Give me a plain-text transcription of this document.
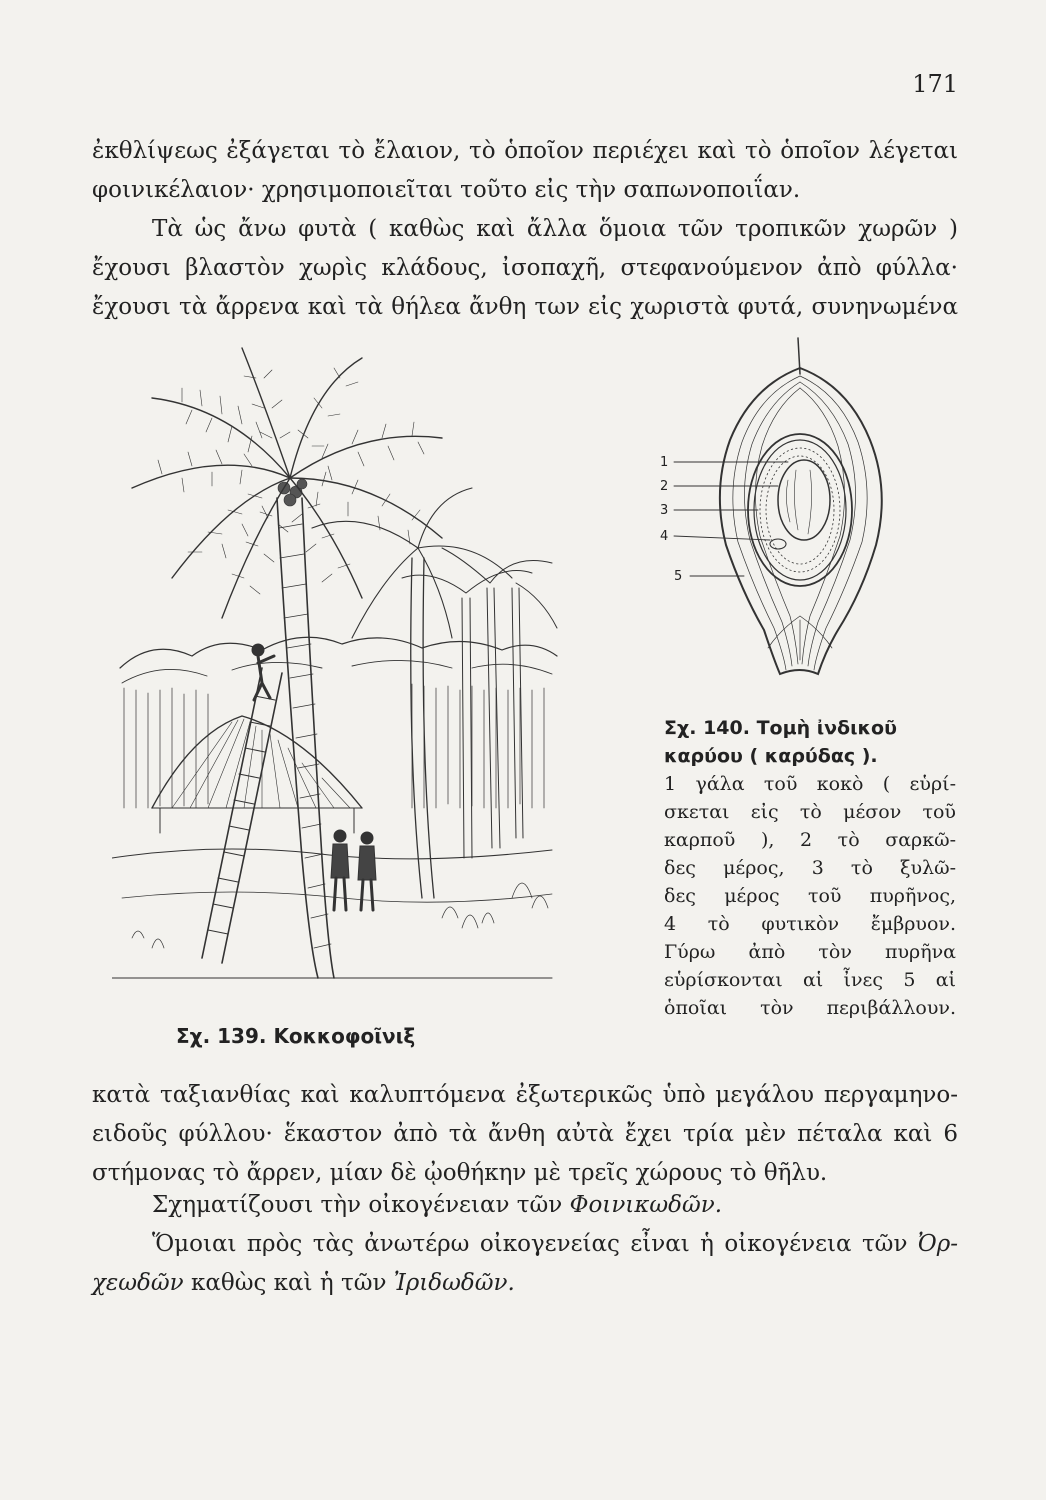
171
ἐκθλίψεως ἐξάγεται τὸ ἔλαιον, τὸ ὁποῖον περιέχει καὶ τὸ ὁποῖον λέγεται
φοινικέλαιον· χρησιμοποιεῖται τοῦτο εἰς τὴν σαπωνοποιΐαν.
Τὰ ὡς ἄνω φυτὰ ( καθὼς καὶ ἄλλα ὅμοια τῶν τροπικῶν χωρῶν )
ἔχουσι βλαστὸν χωρὶς κλάδους, ἰσοπαχῆ, στεφανούμενον ἀπὸ φύλλα·
ἔχουσι τὰ ἄρρενα καὶ τὰ θήλεα ἄνθη των εἰς χωριστὰ φυτά, συνηνωμένα
Σχ. 139. Κοκκοφοῖνιξ
1
2
3
4
5
Σχ. 140. Τομὴ ἰνδικοῦ
καρύου ( καρύδας ).
1 γάλα τοῦ κοκὸ ( εὑρί-
σκεται εἰς τὸ μέσον τοῦ
καρποῦ ), 2 τὸ σαρκῶ-
δες μέρος, 3 τὸ ξυλῶ-
δες μέρος τοῦ πυρῆνος,
4 τὸ φυτικὸν ἔμβρυον.
Γύρω ἀπὸ τὸν πυρῆνα
εὑρίσκονται αἱ ἶνες 5 αἱ
ὁποῖαι τὸν περιβάλλουν.
κατὰ ταξιανθίας καὶ καλυπτόμενα ἐξωτερικῶς ὑπὸ μεγάλου περγαμηνο-
ειδοῦς φύλλου· ἕκαστον ἀπὸ τὰ ἄνθη αὐτὰ ἔχει τρία μὲν πέταλα καὶ 6
στήμονας τὸ ἄρρεν, μίαν δὲ ᾠοθήκην μὲ τρεῖς χώρους τὸ θῆλυ.
Σχηματίζουσι τὴν οἰκογένειαν τῶν Φοινικωδῶν.
Ὅμοιαι πρὸς τὰς ἀνωτέρω οἰκογενείας εἶναι ἡ οἰκογένεια τῶν Ὀρ-
χεωδῶν καθὼς καὶ ἡ τῶν Ἰριδωδῶν.
